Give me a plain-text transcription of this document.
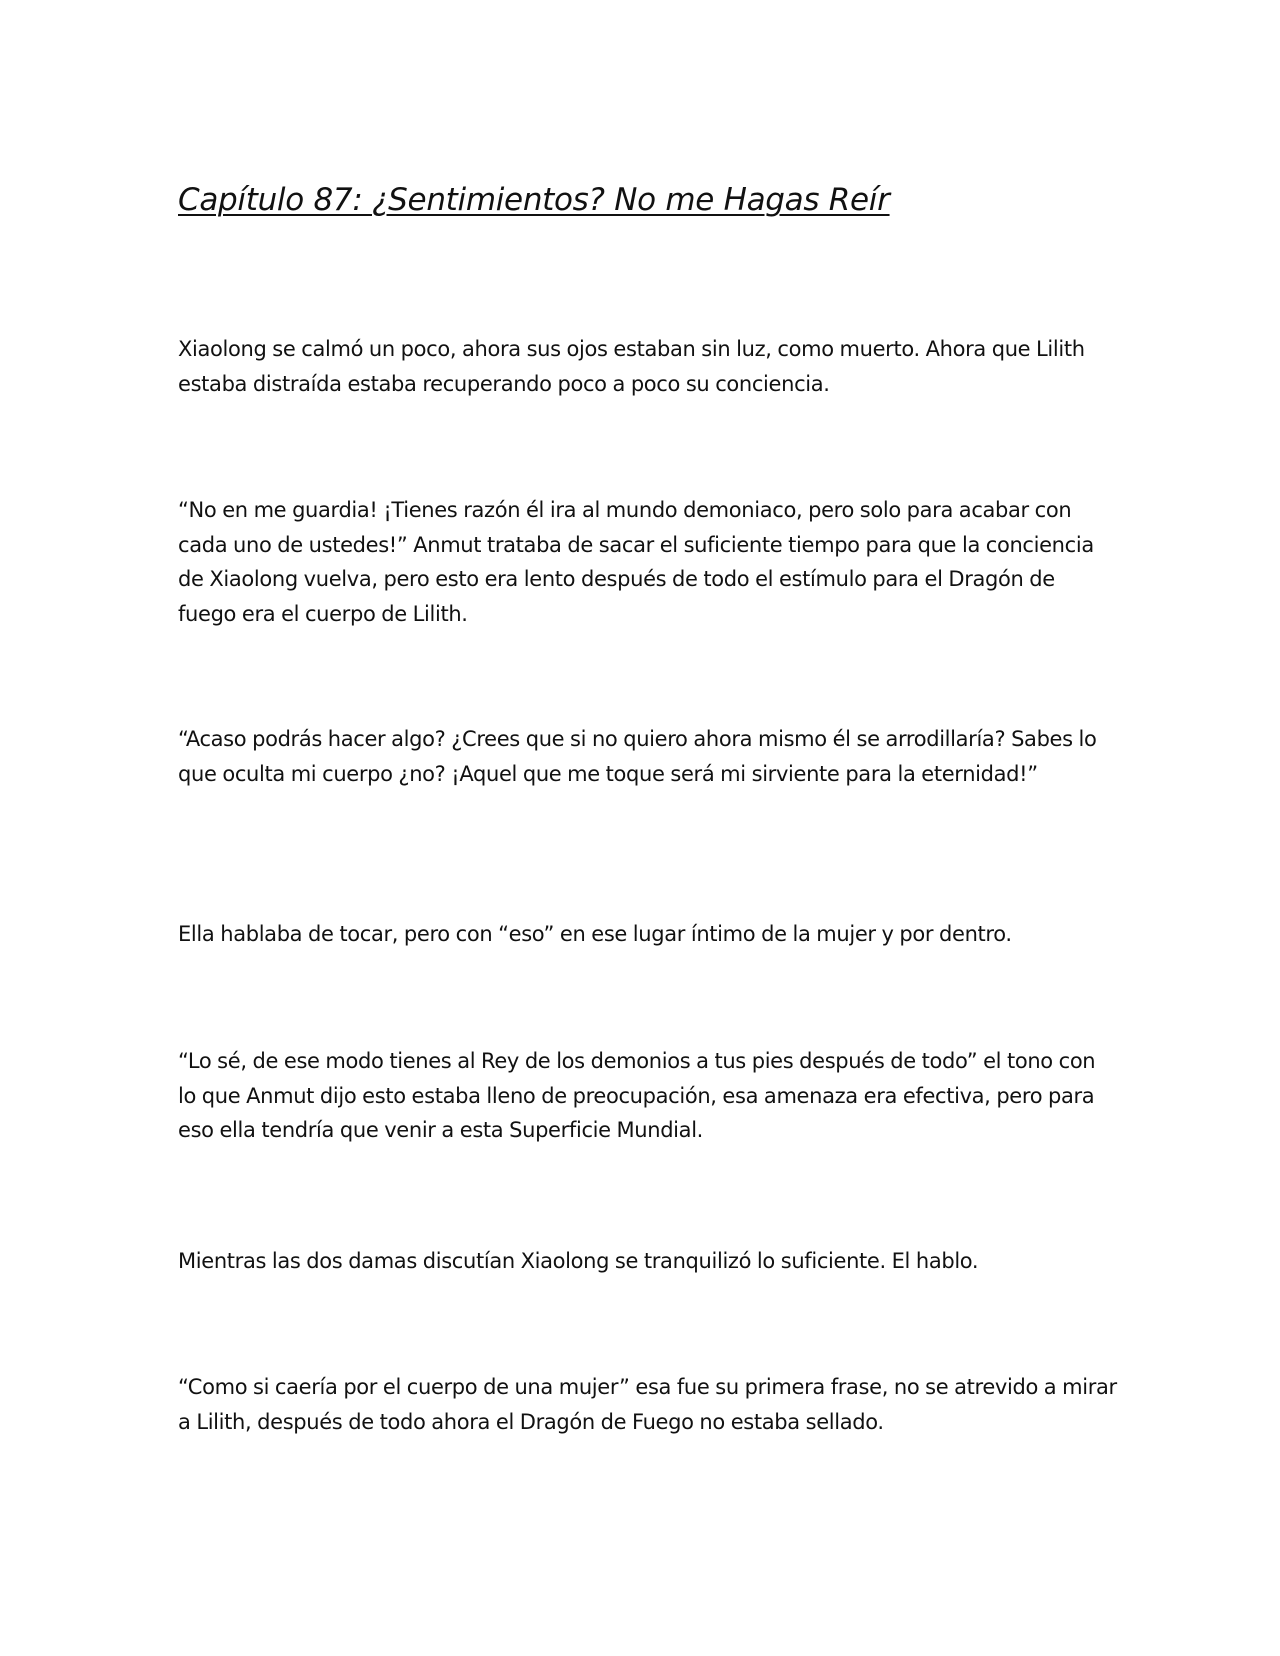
Capítulo 87: ¿Sentimientos? No me Hagas Reír

Xiaolong se calmó un poco, ahora sus ojos estaban sin luz, como muerto. Ahora que Lilith estaba distraída estaba recuperando poco a poco su conciencia.

“No en me guardia! ¡Tienes razón él ira al mundo demoniaco, pero solo para acabar con cada uno de ustedes!” Anmut trataba de sacar el suficiente tiempo para que la conciencia de Xiaolong vuelva, pero esto era lento después de todo el estímulo para el Dragón de fuego era el cuerpo de Lilith.

“Acaso podrás hacer algo? ¿Crees que si no quiero ahora mismo él se arrodillaría? Sabes lo que oculta mi cuerpo ¿no? ¡Aquel que me toque será mi sirviente para la eternidad!”

Ella hablaba de tocar, pero con “eso” en ese lugar íntimo de la mujer y por dentro.

“Lo sé, de ese modo tienes al Rey de los demonios a tus pies después de todo” el tono con lo que Anmut dijo esto estaba lleno de preocupación, esa amenaza era efectiva, pero para eso ella tendría que venir a esta Superficie Mundial.

Mientras las dos damas discutían Xiaolong se tranquilizó lo suficiente. El hablo.

“Como si caería por el cuerpo de una mujer” esa fue su primera frase, no se atrevido a mirar a Lilith, después de todo ahora el Dragón de Fuego no estaba sellado.
